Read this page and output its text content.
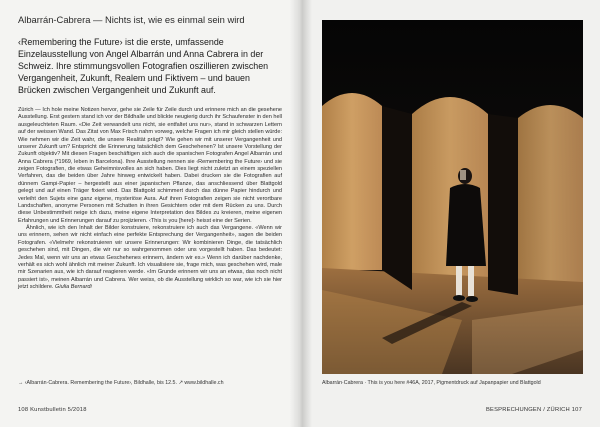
Albarrán-Cabrera — Nichts ist, wie es einmal sein wird
‹Remembering the Future› ist die erste, umfassende Einzelausstellung von Angel Albarrán und Anna Cabrera in der Schweiz. Ihre stimmungsvollen Fotografien oszillieren zwischen Vergangenheit, Zukunft, Realem und Fiktivem – und bauen Brücken zwischen Vergangenheit und Zukunft auf.

Zürich — Ich hole meine Notizen hervor, gehe sie Zeile für Zeile durch und erinnere mich an die gesehene Ausstellung. Erst gestern stand ich vor der Bildhalle und blickte neugierig durch ihr Schaufenster in den hell ausgeleuchteten Raum. «Die Zeit verwandelt uns nicht, sie entfaltet uns nur», stand in schwarzen Lettern auf der weissen Wand. Das Zitat von Max Frisch nahm vorweg, welche Fragen ich mir gleich stellen würde: Wie nehmen wir die Zeit wahr, die unsere Realität prägt? Wie gehen wir mit unserer Vergangenheit und unserer Zukunft um? Entspricht die Erinnerung tatsächlich dem Geschehenen? Ist unsere Vorstellung der Zukunft objektiv? Mit diesen Fragen beschäftigen sich auch die spanischen Fotografen Angel Albarrán und Anna Cabrera (*1969, leben in Barcelona). Ihre Ausstellung nennen sie ‹Remembering the Future› und sie zeigen Fotografien, die etwas Geheimnisvolles an sich haben. Dies liegt nicht zuletzt an einem speziellen Verfahren, das die beiden über Jahre hinweg entwickelt haben. Dabei drucken sie die Fotografien auf dünnem Gampi-Papier – hergestellt aus einer japanischen Pflanze, das anschliessend über Blattgold gelegt und auf einen Träger fixiert wird. Das Blattgold schimmert durch das dünne Papier hindurch und verleiht den Sujets eine ganz eigene, mysteriöse Aura. Auf ihren Fotografien zeigen sie nicht verortbare Landschaften, anonyme Personen mit Schatten in ihren Gesichtern oder mit dem Rücken zu uns. Durch diese Unbestimmtheit neige ich dazu, meine eigene Interpretation des Bildes zu kreieren, meine eigenen Erfahrungen und Erinnerungen darauf zu projizieren. ‹This is you [here]› heisst eine der Serien.

Ähnlich, wie ich den Inhalt der Bilder konstruiere, rekonstruiere ich auch das Vergangene. «Wenn wir uns erinnern, sehen wir nicht einfach eine perfekte Entsprechung der Vergangenheit», sagen die beiden Fotografen. «Vielmehr rekonstruieren wir unsere Erinnerungen: Wir kombinieren Dinge, die tatsächlich geschehen sind, mit Dingen, die wir nur so wahrgenommen oder uns vorgestellt haben. Das bedeutet: Jedes Mal, wenn wir uns an etwas Geschehenes erinnern, ändern wir es.» Wenn ich darüber nachdenke, verhält es sich wohl ähnlich mit meiner Zukunft. Ich visualisiere sie, frage mich, was geschehen wird, male mir Szenarien aus, wie ich darauf reagieren werde. «Im Grunde erinnern wir uns an etwas, das noch nicht passiert ist», meinen Albarrán und Cabrera. Wer weiss, ob die Ausstellung wirklich so war, wie ich sie hier jetzt schildere. Giulia Bernardi

→ ‹Albarrán·Cabrera. Remembering the Future›, Bildhalle, bis 12.5. ↗ www.bildhalle.ch
108 Kunstbulletin 5/2018
Albarrán·Cabrera · This is you here #46A, 2017, Pigmentdruck auf Japanpapier und Blattgold
BESPRECHUNGEN / ZÜRICH 107
